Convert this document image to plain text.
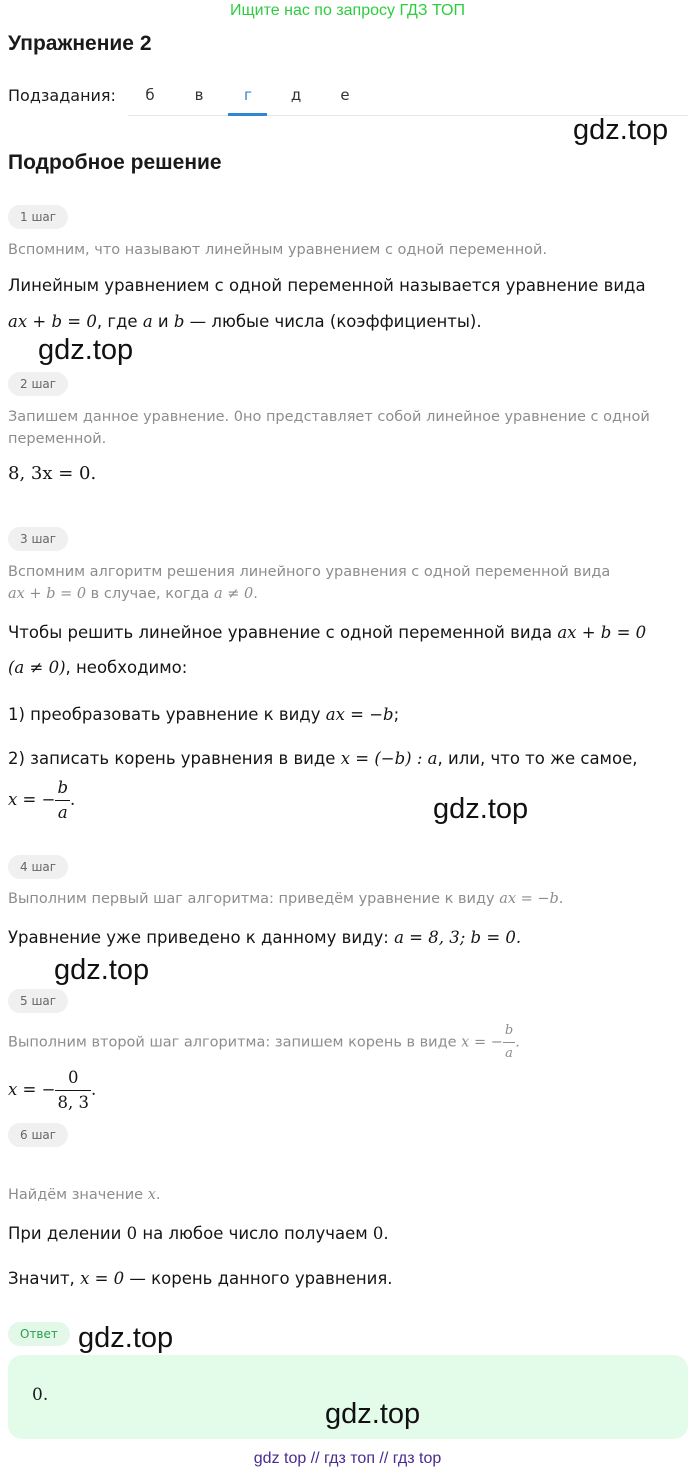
Ищите нас по запросу ГДЗ ТОП
Упражнение 2
Подзадания:	б	в	г	д	е
gdz.top
Подробное решение
1 шаг
Вспомним, что называют линейным уравнением с одной переменной.
Линейным уравнением с одной переменной называется уравнение вида
ax + b = 0, где a и b — любые числа (коэффициенты).
gdz.top
2 шаг
Запишем данное уравнение. 0но представляет собой линейное уравнение с одной переменной.
8, 3x = 0.
3 шаг
Вспомним алгоритм решения линейного уравнения с одной переменной вида
ax + b = 0 в случае, когда a ≠ 0.
Чтобы решить линейное уравнение с одной переменной вида ax + b = 0
(a ≠ 0), необходимо:
1) преобразовать уравнение к виду ax = −b;
2) записать корень уравнения в виде x = (−b) : a, или, что то же самое,
x = − $\frac{b}{a}$ .	gdz.top
4 шаг
Выполним первый шаг алгоритма: приведём уравнение к виду ax = −b.
Уравнение уже приведено к данному виду: a = 8, 3; b = 0.
gdz.top
5 шаг
Выполним второй шаг алгоритма: запишем корень в виде x = − $\frac{b}{a}$ .
x = − $\frac{0}{8, 3}$ .
6 шаг
Найдём значение x.
При делении 0 на любое число получаем 0.
Значит, x = 0 — корень данного уравнения.
Ответ gdz.top
0.
gdz.top
gdz top // гдз топ // гдз top
